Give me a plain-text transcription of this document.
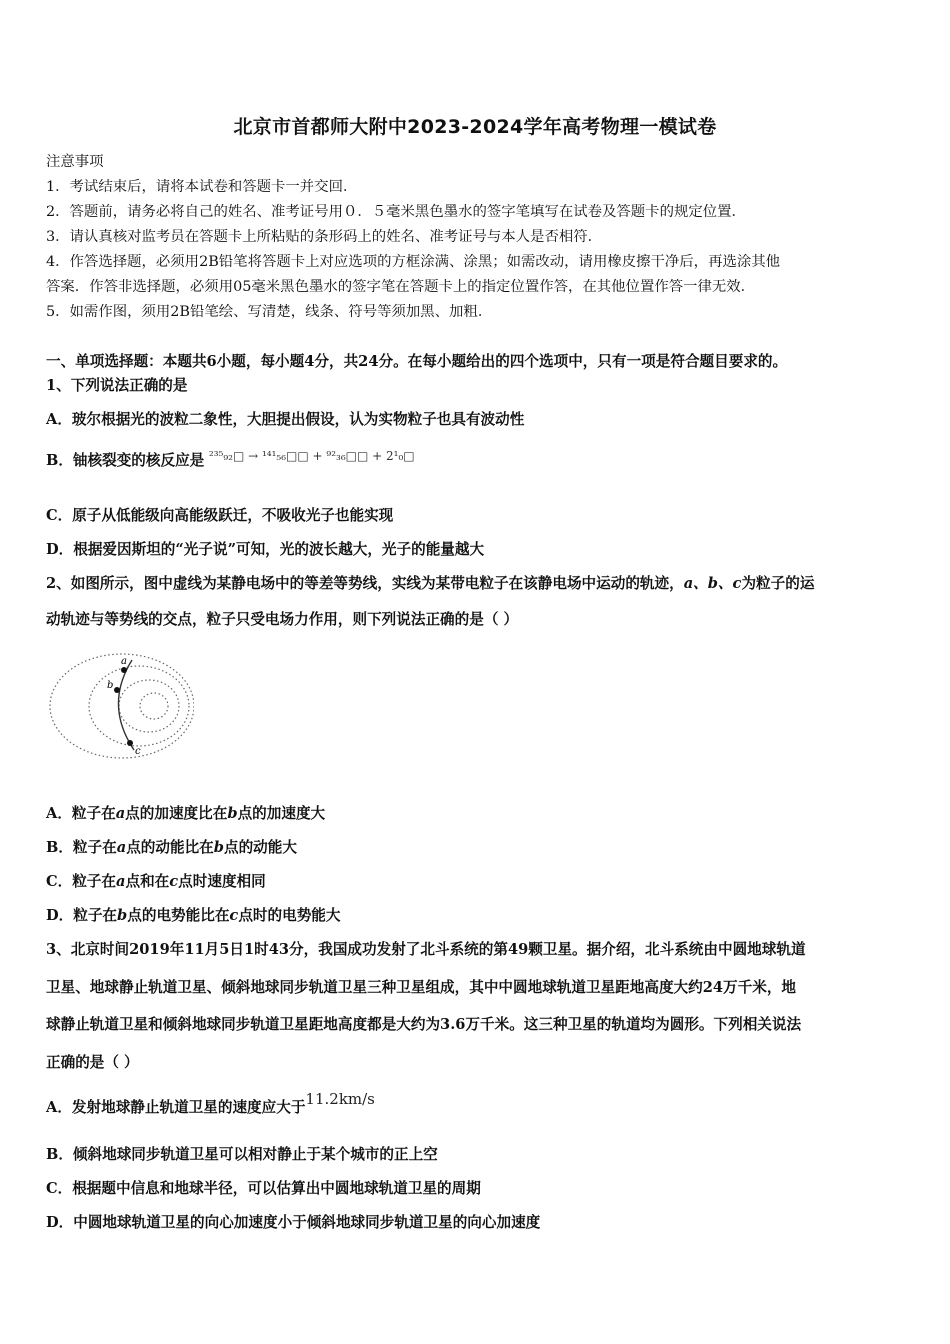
北京市首都师大附中2023-2024学年高考物理一模试卷
注意事项
1．考试结束后，请将本试卷和答题卡一并交回．
2．答题前，请务必将自己的姓名、准考证号用０．５毫米黑色墨水的签字笔填写在试卷及答题卡的规定位置．
3．请认真核对监考员在答题卡上所粘贴的条形码上的姓名、准考证号与本人是否相符．
4．作答选择题，必须用2B铅笔将答题卡上对应选项的方框涂满、涂黑；如需改动，请用橡皮擦干净后，再选涂其他
答案．作答非选择题，必须用05毫米黑色墨水的签字笔在答题卡上的指定位置作答，在其他位置作答一律无效．
5．如需作图，须用2B铅笔绘、写清楚，线条、符号等须加黑、加粗．
一、单项选择题：本题共6小题，每小题4分，共24分。在每小题给出的四个选项中，只有一项是符合题目要求的。
1、下列说法正确的是
A．玻尔根据光的波粒二象性，大胆提出假设，认为实物粒子也具有波动性
B．铀核裂变的核反应是 ²³⁵₉₂□ → ¹⁴¹₅₆□□ + ⁹²₃₆□□ + 2¹₀□
C．原子从低能级向高能级跃迁，不吸收光子也能实现
D．根据爱因斯坦的“光子说”可知，光的波长越大，光子的能量越大
2、如图所示，图中虚线为某静电场中的等差等势线，实线为某带电粒子在该静电场中运动的轨迹，a、b、c为粒子的运
动轨迹与等势线的交点，粒子只受电场力作用，则下列说法正确的是（ ）
a
b
c
A．粒子在a点的加速度比在b点的加速度大
B．粒子在a点的动能比在b点的动能大
C．粒子在a点和在c点时速度相同
D．粒子在b点的电势能比在c点时的电势能大
3、北京时间2019年11月5日1时43分，我国成功发射了北斗系统的第49颗卫星。据介绍，北斗系统由中圆地球轨道
卫星、地球静止轨道卫星、倾斜地球同步轨道卫星三种卫星组成，其中中圆地球轨道卫星距地高度大约24万千米，地
球静止轨道卫星和倾斜地球同步轨道卫星距地高度都是大约为3.6万千米。这三种卫星的轨道均为圆形。下列相关说法
正确的是（ ）
A．发射地球静止轨道卫星的速度应大于11.2km/s
B．倾斜地球同步轨道卫星可以相对静止于某个城市的正上空
C．根据题中信息和地球半径，可以估算出中圆地球轨道卫星的周期
D．中圆地球轨道卫星的向心加速度小于倾斜地球同步轨道卫星的向心加速度
